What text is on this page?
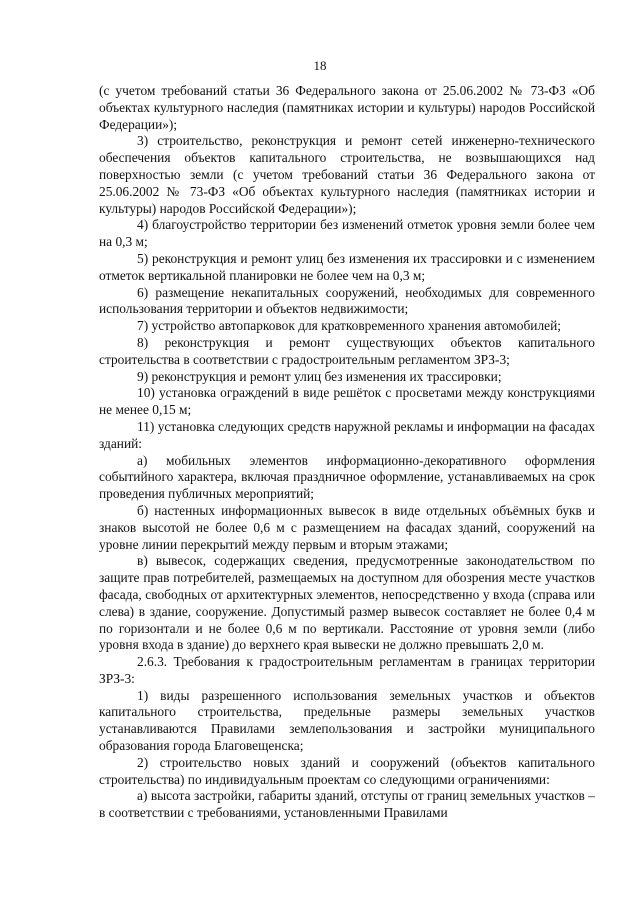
18

(с учетом требований статьи 36 Федерального закона от 25.06.2002 № 73-ФЗ «Об объектах культурного наследия (памятниках истории и культуры) народов Российской Федерации»);

3) строительство, реконструкция и ремонт сетей инженерно-технического обеспечения объектов капитального строительства, не возвышающихся над поверхностью земли (с учетом требований статьи 36 Федерального закона от 25.06.2002 № 73-ФЗ «Об объектах культурного наследия (памятниках истории и культуры) народов Российской Федерации»);

4) благоустройство территории без изменений отметок уровня земли более чем на 0,3 м;

5) реконструкция и ремонт улиц без изменения их трассировки и с изменением отметок вертикальной планировки не более чем на 0,3 м;

6) размещение некапитальных сооружений, необходимых для современного использования территории и объектов недвижимости;

7) устройство автопарковок для кратковременного хранения автомобилей;

8) реконструкция и ремонт существующих объектов капитального строительства в соответствии с градостроительным регламентом ЗРЗ-3;

9) реконструкция и ремонт улиц без изменения их трассировки;

10) установка ограждений в виде решёток с просветами между конструкциями не менее 0,15 м;

11) установка следующих средств наружной рекламы и информации на фасадах зданий:

а) мобильных элементов информационно-декоративного оформления событийного характера, включая праздничное оформление, устанавливаемых на срок проведения публичных мероприятий;

б) настенных информационных вывесок в виде отдельных объёмных букв и знаков высотой не более 0,6 м с размещением на фасадах зданий, сооружений на уровне линии перекрытий между первым и вторым этажами;

в) вывесок, содержащих сведения, предусмотренные законодательством по защите прав потребителей, размещаемых на доступном для обозрения месте участков фасада, свободных от архитектурных элементов, непосредственно у входа (справа или слева) в здание, сооружение. Допустимый размер вывесок составляет не более 0,4 м по горизонтали и не более 0,6 м по вертикали. Расстояние от уровня земли (либо уровня входа в здание) до верхнего края вывески не должно превышать 2,0 м.

2.6.3. Требования к градостроительным регламентам в границах территории ЗРЗ-3:

1) виды разрешенного использования земельных участков и объектов капитального строительства, предельные размеры земельных участков устанавливаются Правилами землепользования и застройки муниципального образования города Благовещенска;

2) строительство новых зданий и сооружений (объектов капитального строительства) по индивидуальным проектам со следующими ограничениями:

а) высота застройки, габариты зданий, отступы от границ земельных участков – в соответствии с требованиями, установленными Правилами
